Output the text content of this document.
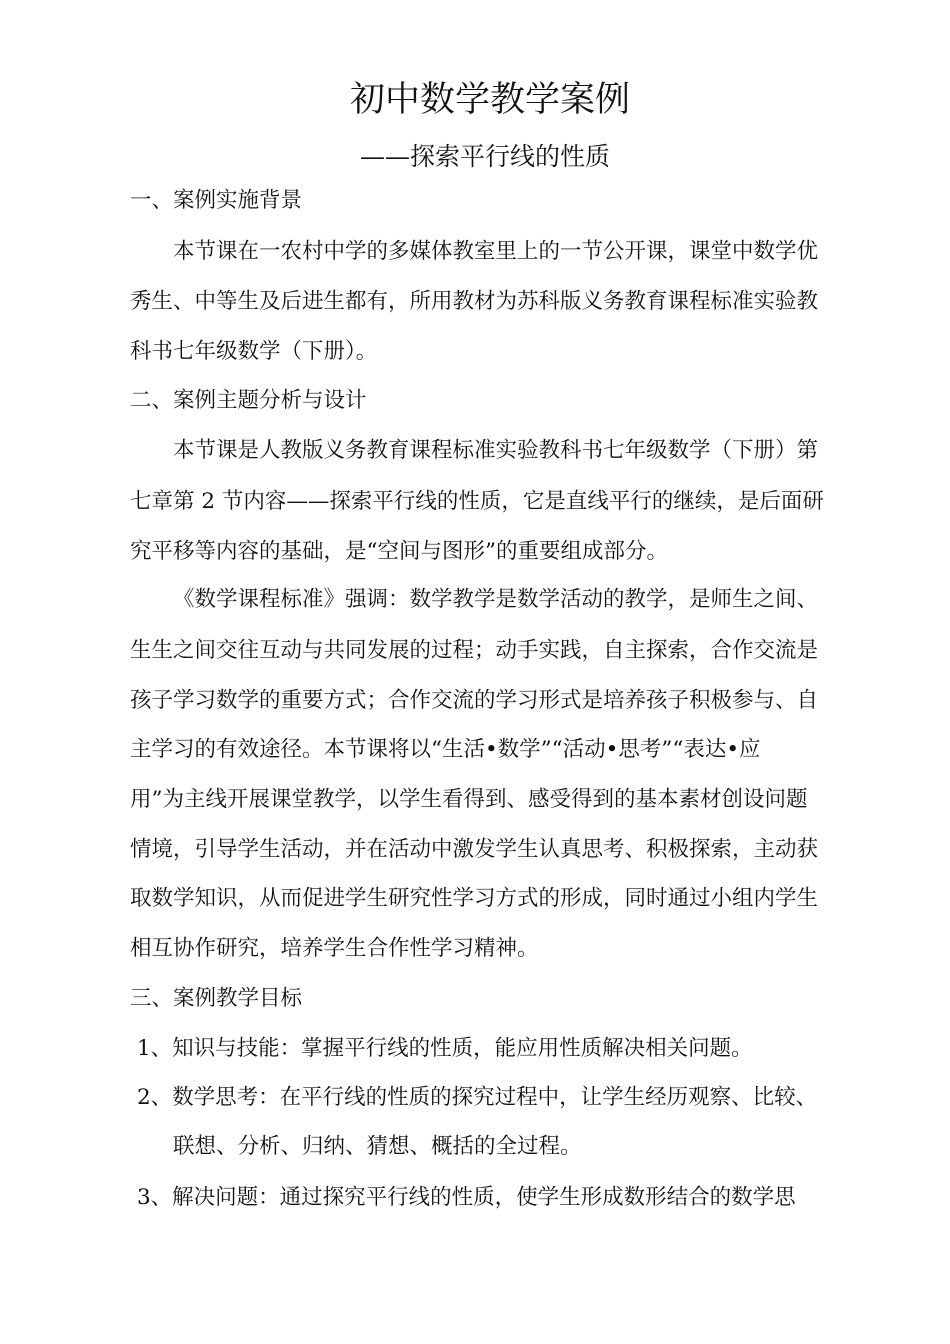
初中数学教学案例
——探索平行线的性质
一、案例实施背景
本节课在一农村中学的多媒体教室里上的一节公开课，课堂中数学优
秀生、中等生及后进生都有，所用教材为苏科版义务教育课程标准实验教
科书七年级数学（下册）。
二、案例主题分析与设计
本节课是人教版义务教育课程标准实验教科书七年级数学（下册）第
七章第 2 节内容——探索平行线的性质，它是直线平行的继续，是后面研
究平移等内容的基础，是“空间与图形”的重要组成部分。
《数学课程标准》强调：数学教学是数学活动的教学，是师生之间、
生生之间交往互动与共同发展的过程；动手实践，自主探索，合作交流是
孩子学习数学的重要方式；合作交流的学习形式是培养孩子积极参与、自
主学习的有效途径。本节课将以“生活•数学”“活动•思考”“表达•应
用”为主线开展课堂教学，以学生看得到、感受得到的基本素材创设问题
情境，引导学生活动，并在活动中激发学生认真思考、积极探索，主动获
取数学知识，从而促进学生研究性学习方式的形成，同时通过小组内学生
相互协作研究，培养学生合作性学习精神。
三、案例教学目标
1、知识与技能：掌握平行线的性质，能应用性质解决相关问题。
2、数学思考：在平行线的性质的探究过程中，让学生经历观察、比较、
联想、分析、归纳、猜想、概括的全过程。
3、解决问题：通过探究平行线的性质，使学生形成数形结合的数学思
